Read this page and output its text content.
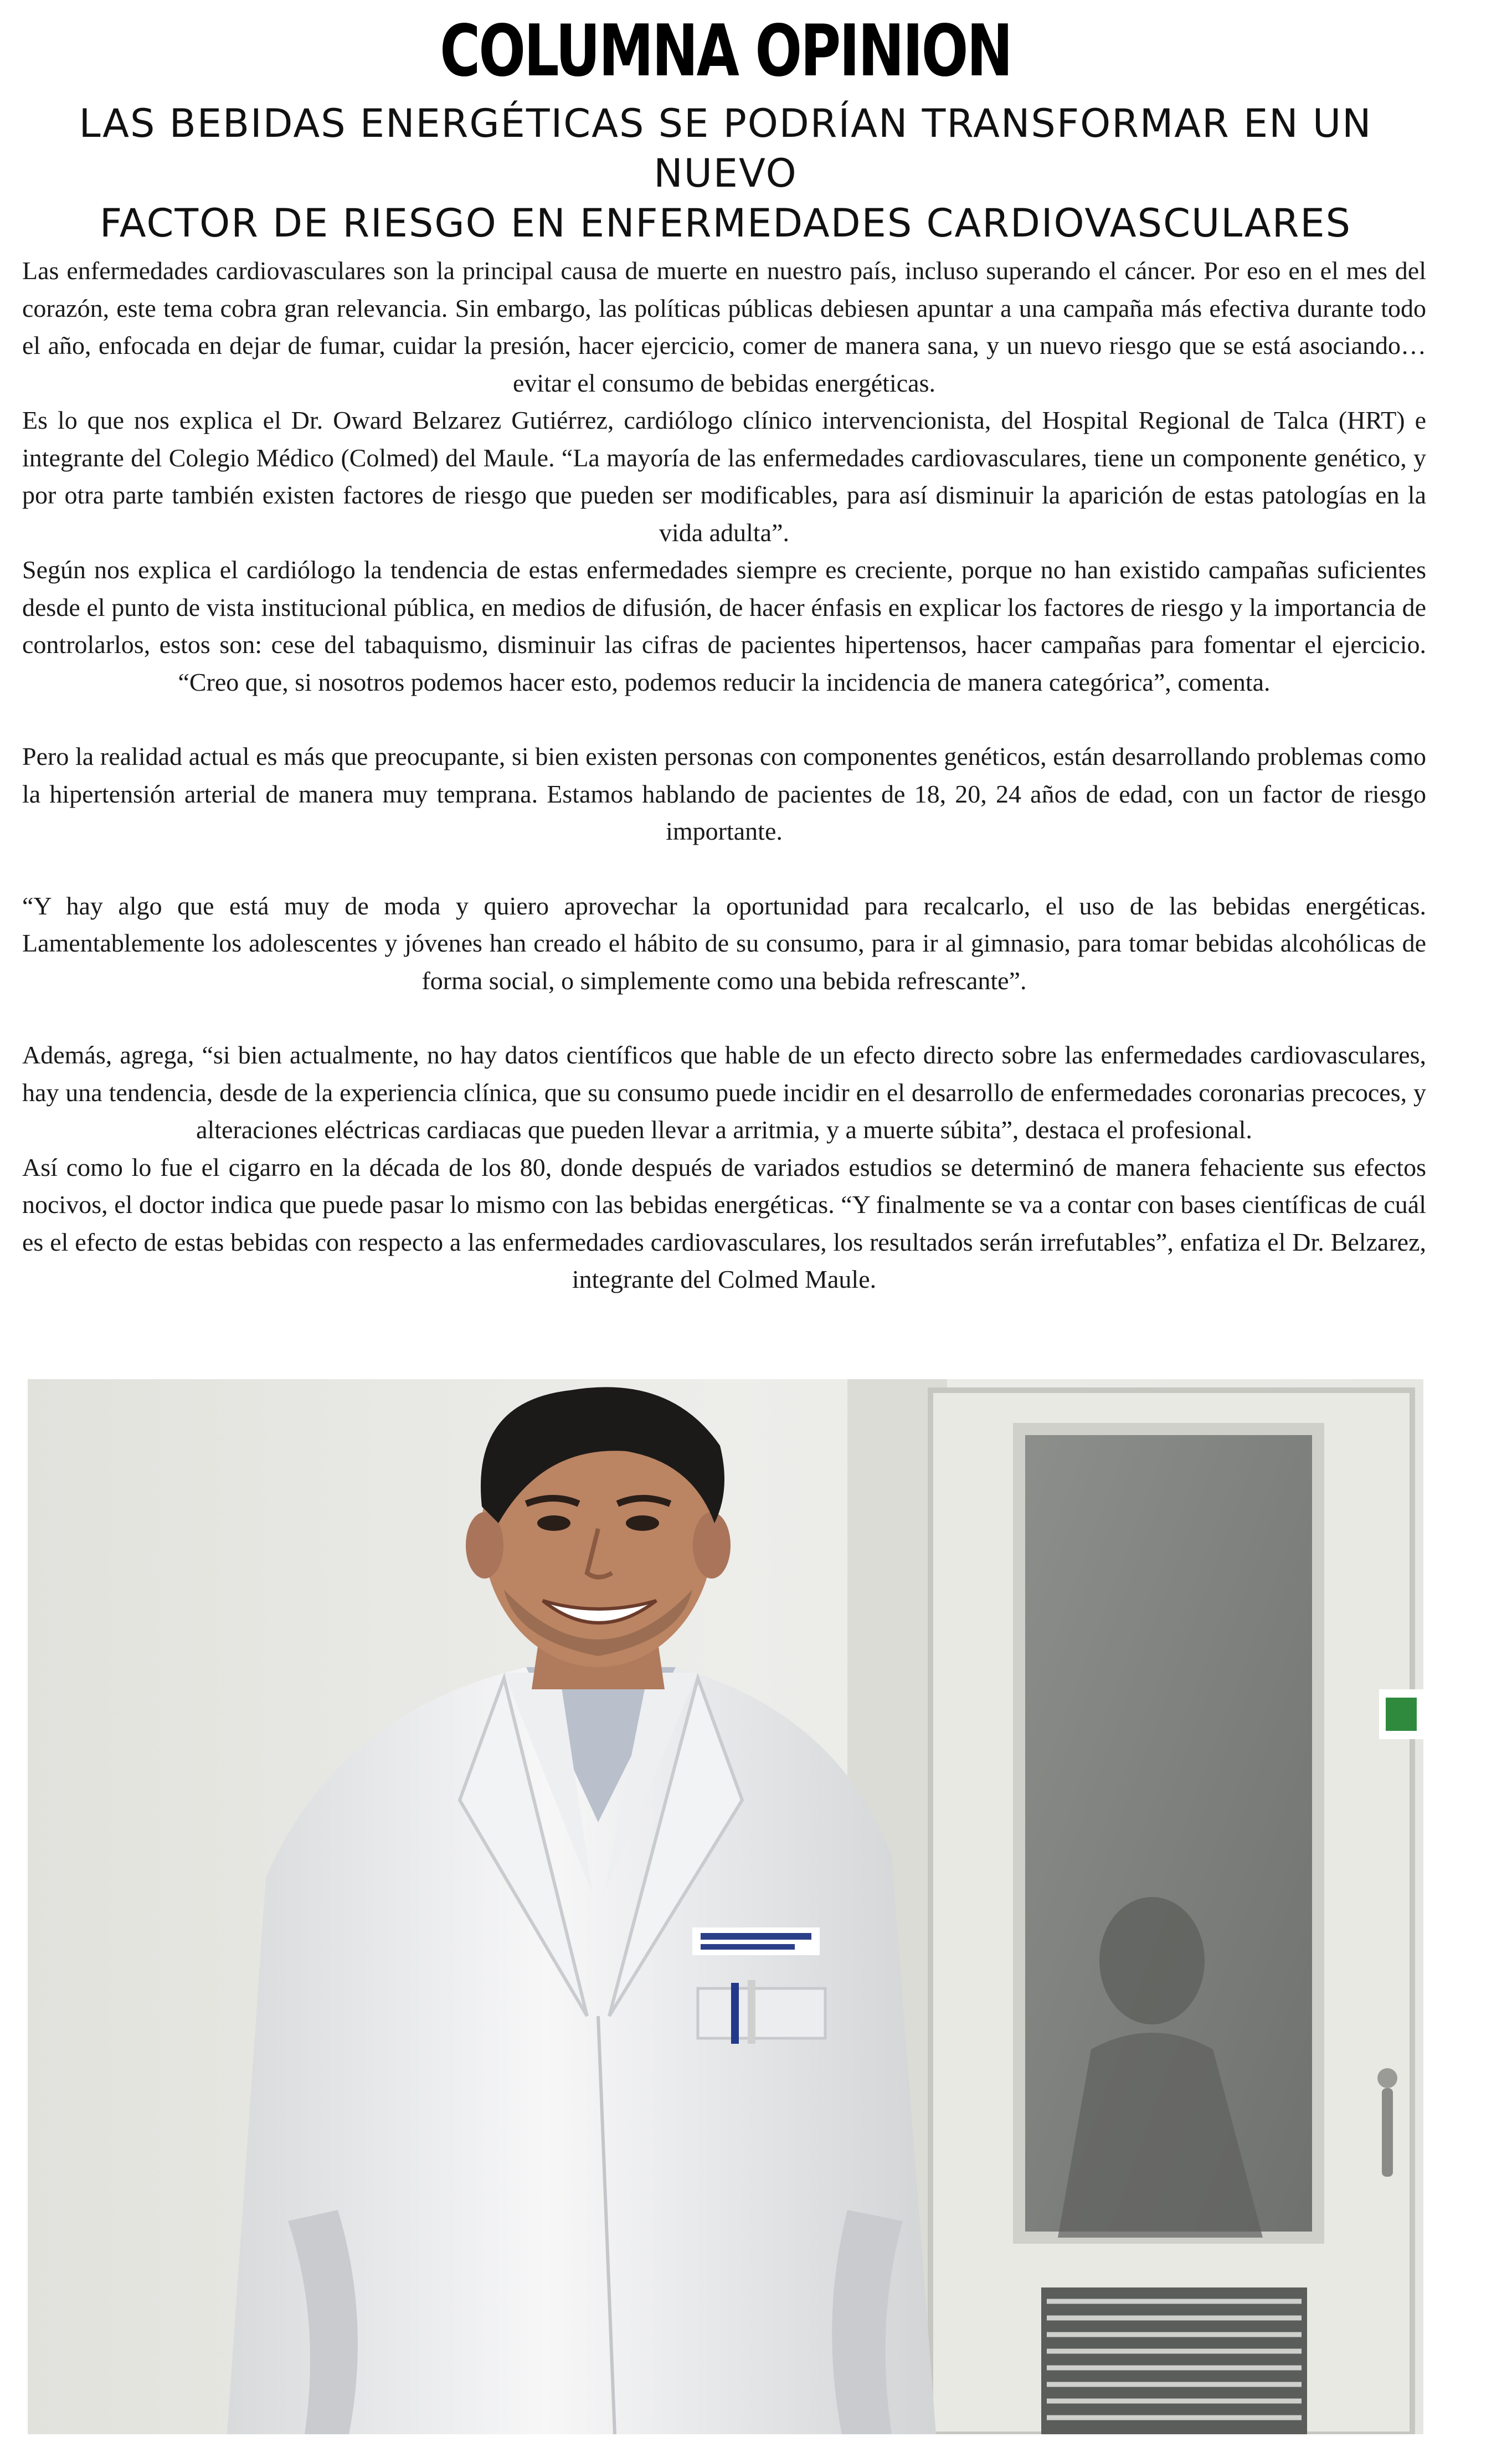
COLUMNA OPINION
LAS BEBIDAS ENERGÉTICAS SE PODRÍAN TRANSFORMAR EN UN NUEVO
FACTOR DE RIESGO EN ENFERMEDADES CARDIOVASCULARES

Las enfermedades cardiovasculares son la principal causa de muerte en nuestro país, incluso superando el cáncer. Por eso en el mes del corazón, este tema cobra gran relevancia. Sin embargo, las políticas públicas debiesen apuntar a una campaña más efectiva durante todo el año, enfocada en dejar de fumar, cuidar la presión, hacer ejercicio, comer de manera sana, y un nuevo riesgo que se está asociando… evitar el consumo de bebidas energéticas.

Es lo que nos explica el Dr. Oward Belzarez Gutiérrez, cardiólogo clínico intervencionista, del Hospital Regional de Talca (HRT) e integrante del Colegio Médico (Colmed) del Maule. “La mayoría de las enfermedades cardiovasculares, tiene un componente genético, y por otra parte también existen factores de riesgo que pueden ser modificables, para así disminuir la aparición de estas patologías en la vida adulta”.

Según nos explica el cardiólogo la tendencia de estas enfermedades siempre es creciente, porque no han existido campañas suficientes desde el punto de vista institucional pública, en medios de difusión, de hacer énfasis en explicar los factores de riesgo y la importancia de controlarlos, estos son: cese del tabaquismo, disminuir las cifras de pacientes hipertensos, hacer campañas para fomentar el ejercicio. “Creo que, si nosotros podemos hacer esto, podemos reducir la incidencia de manera categórica”, comenta.

Pero la realidad actual es más que preocupante, si bien existen personas con componentes genéticos, están desarrollando problemas como la hipertensión arterial de manera muy temprana. Estamos hablando de pacientes de 18, 20, 24 años de edad, con un factor de riesgo importante.

“Y hay algo que está muy de moda y quiero aprovechar la oportunidad para recalcarlo, el uso de las bebidas energéticas. Lamentablemente los adolescentes y jóvenes han creado el hábito de su consumo, para ir al gimnasio, para tomar bebidas alcohólicas de forma social, o simplemente como una bebida refrescante”.

Además, agrega, “si bien actualmente, no hay datos científicos que hable de un efecto directo sobre las enfermedades cardiovasculares, hay una tendencia, desde de la experiencia clínica, que su consumo puede incidir en el desarrollo de enfermedades coronarias precoces, y alteraciones eléctricas cardiacas que pueden llevar a arritmia, y a muerte súbita”, destaca el profesional.

Así como lo fue el cigarro en la década de los 80, donde después de variados estudios se determinó de manera fehaciente sus efectos nocivos, el doctor indica que puede pasar lo mismo con las bebidas energéticas. “Y finalmente se va a contar con bases científicas de cuál es el efecto de estas bebidas con respecto a las enfermedades cardiovasculares, los resultados serán irrefutables”, enfatiza el Dr. Belzarez, integrante del Colmed Maule.
